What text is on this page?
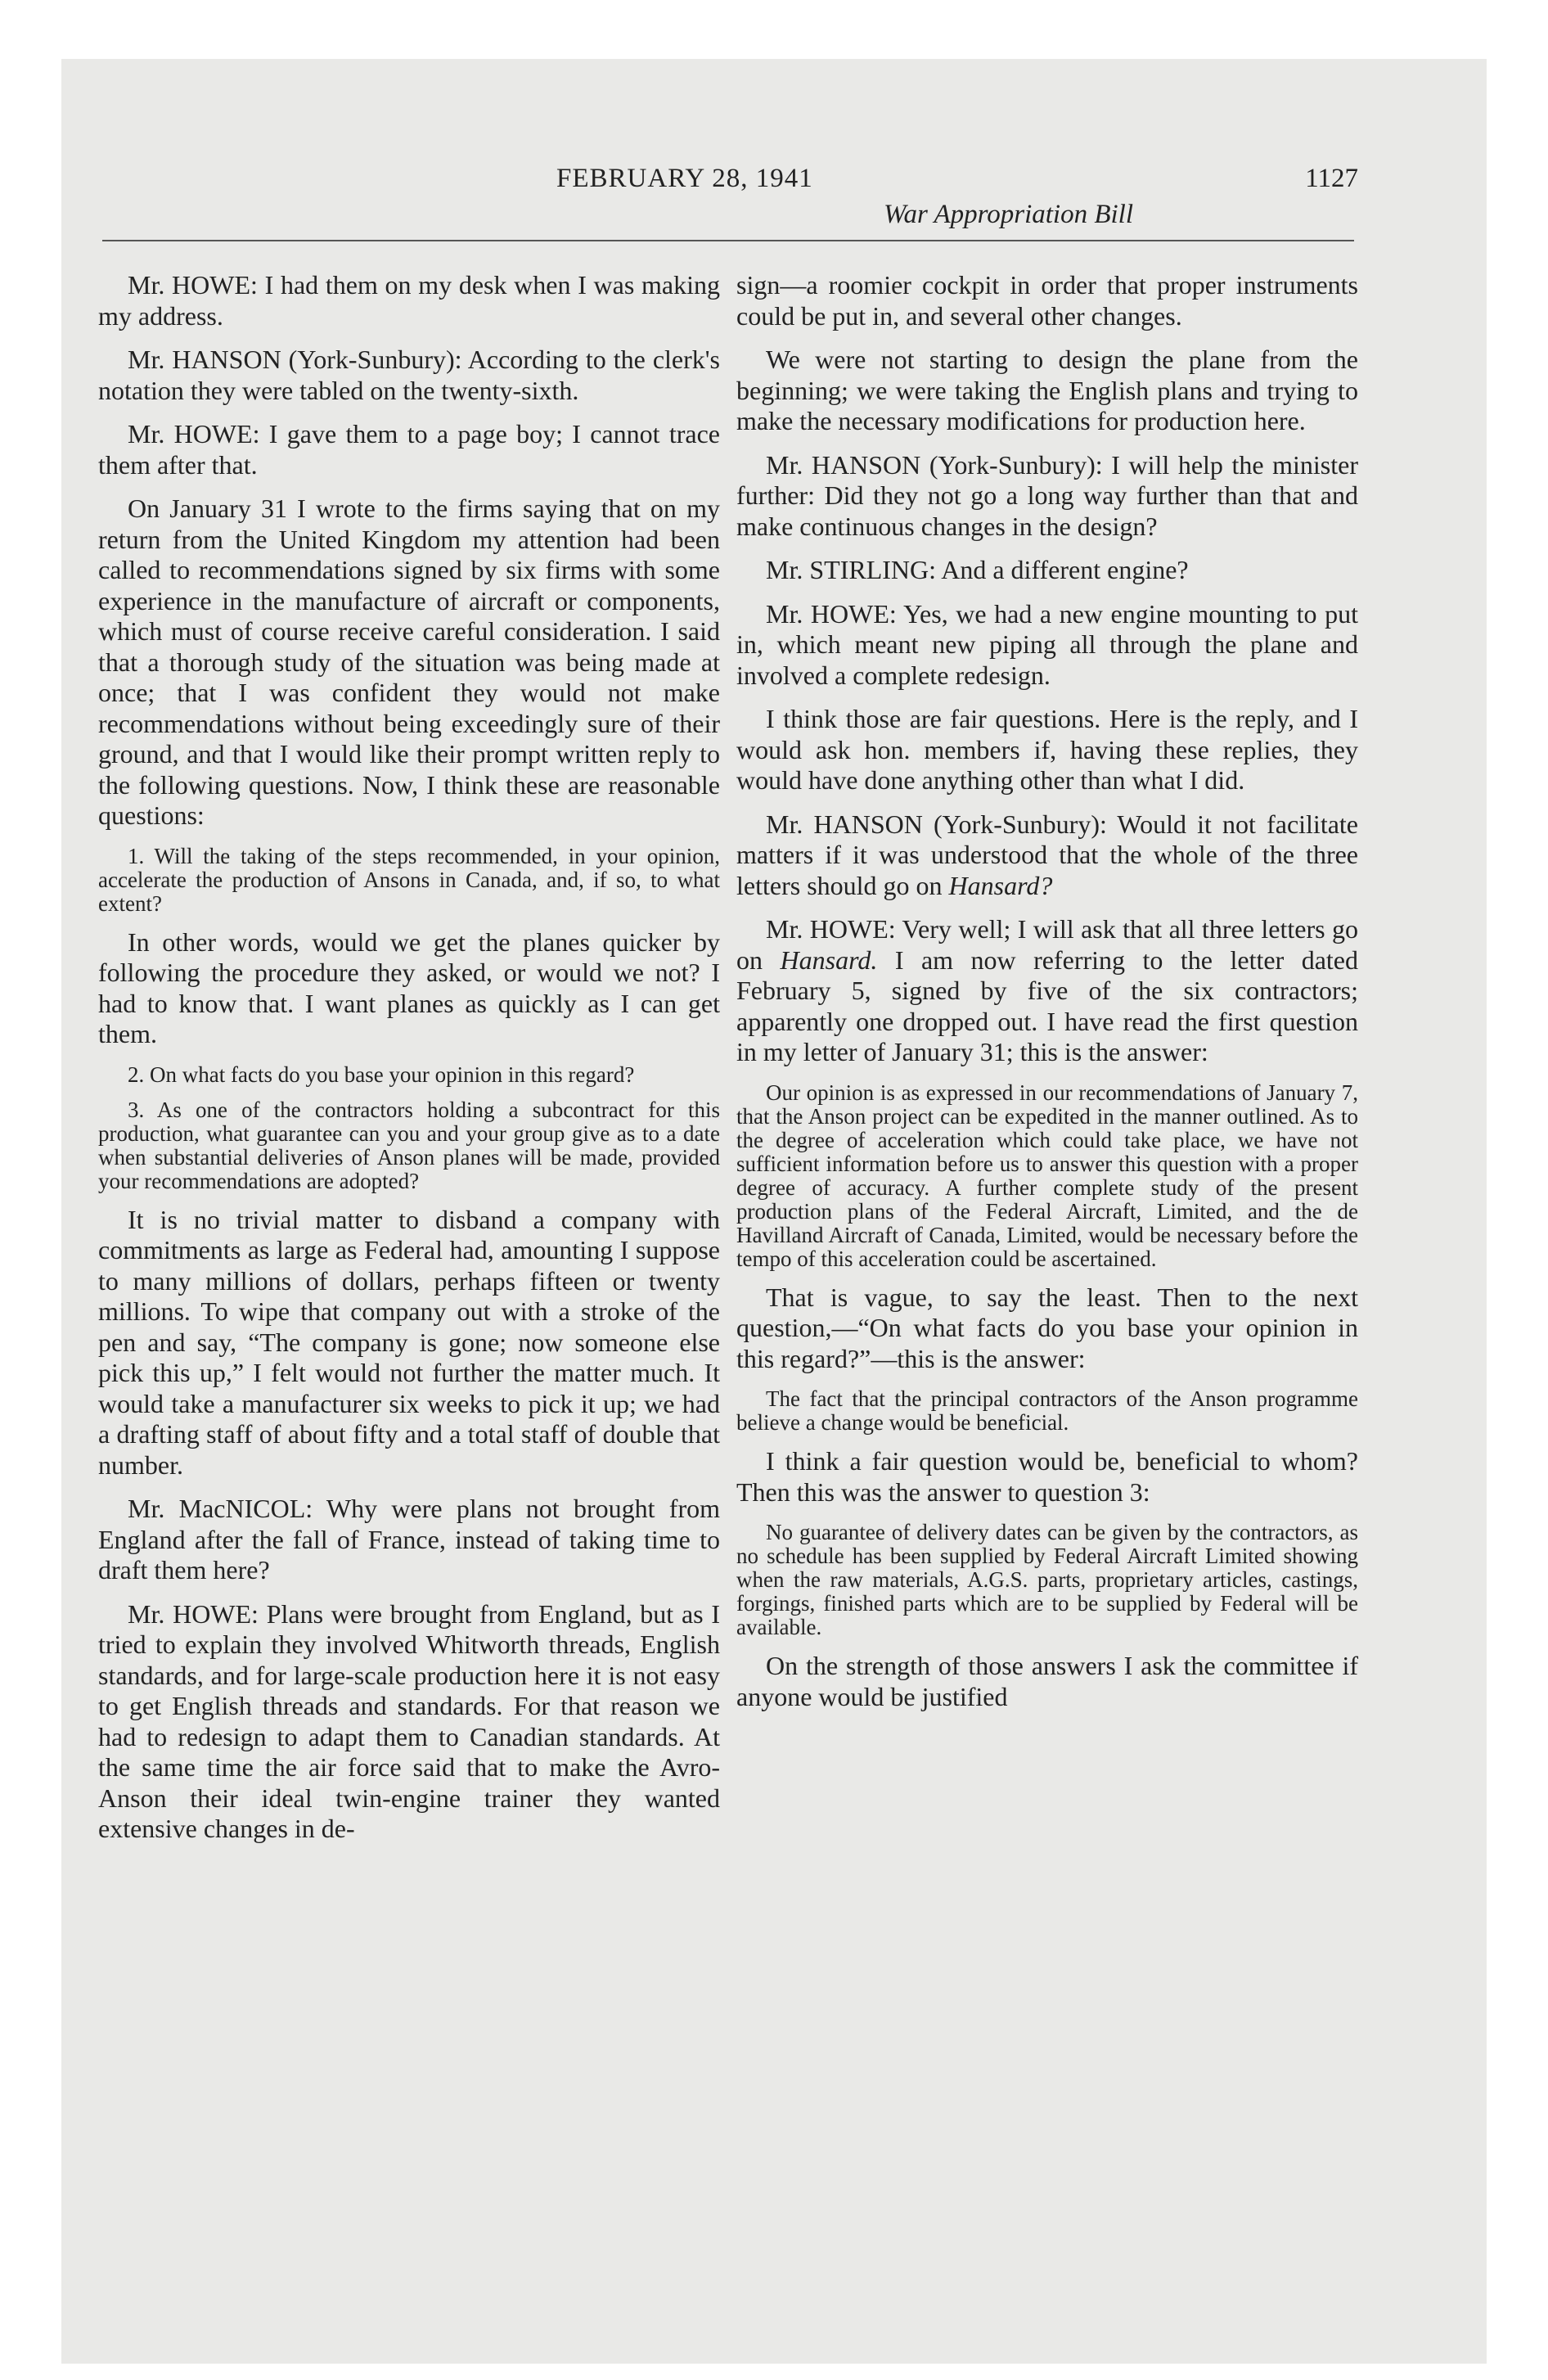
FEBRUARY 28, 1941	1127
War Appropriation Bill

Mr. HOWE: I had them on my desk when I was making my address.

Mr. HANSON (York-Sunbury): According to the clerk's notation they were tabled on the twenty-sixth.

Mr. HOWE: I gave them to a page boy; I cannot trace them after that.

On January 31 I wrote to the firms saying that on my return from the United Kingdom my attention had been called to recommendations signed by six firms with some experience in the manufacture of aircraft or components, which must of course receive careful consideration. I said that a thorough study of the situation was being made at once; that I was confident they would not make recommendations without being exceedingly sure of their ground, and that I would like their prompt written reply to the following questions. Now, I think these are reasonable questions:

1. Will the taking of the steps recommended, in your opinion, accelerate the production of Ansons in Canada, and, if so, to what extent?

In other words, would we get the planes quicker by following the procedure they asked, or would we not? I had to know that. I want planes as quickly as I can get them.

2. On what facts do you base your opinion in this regard?

3. As one of the contractors holding a subcontract for this production, what guarantee can you and your group give as to a date when substantial deliveries of Anson planes will be made, provided your recommendations are adopted?

It is no trivial matter to disband a company with commitments as large as Federal had, amounting I suppose to many millions of dollars, perhaps fifteen or twenty millions. To wipe that company out with a stroke of the pen and say, “The company is gone; now someone else pick this up,” I felt would not further the matter much. It would take a manufacturer six weeks to pick it up; we had a drafting staff of about fifty and a total staff of double that number.

Mr. MacNICOL: Why were plans not brought from England after the fall of France, instead of taking time to draft them here?

Mr. HOWE: Plans were brought from England, but as I tried to explain they involved Whitworth threads, English standards, and for large-scale production here it is not easy to get English threads and standards. For that reason we had to redesign to adapt them to Canadian standards. At the same time the air force said that to make the Avro-Anson their ideal twin-engine trainer they wanted extensive changes in de-

sign—a roomier cockpit in order that proper instruments could be put in, and several other changes.

We were not starting to design the plane from the beginning; we were taking the English plans and trying to make the necessary modifications for production here.

Mr. HANSON (York-Sunbury): I will help the minister further: Did they not go a long way further than that and make continuous changes in the design?

Mr. STIRLING: And a different engine?

Mr. HOWE: Yes, we had a new engine mounting to put in, which meant new piping all through the plane and involved a complete redesign.

I think those are fair questions. Here is the reply, and I would ask hon. members if, having these replies, they would have done anything other than what I did.

Mr. HANSON (York-Sunbury): Would it not facilitate matters if it was understood that the whole of the three letters should go on Hansard?

Mr. HOWE: Very well; I will ask that all three letters go on Hansard. I am now referring to the letter dated February 5, signed by five of the six contractors; apparently one dropped out. I have read the first question in my letter of January 31; this is the answer:

Our opinion is as expressed in our recommendations of January 7, that the Anson project can be expedited in the manner outlined. As to the degree of acceleration which could take place, we have not sufficient information before us to answer this question with a proper degree of accuracy. A further complete study of the present production plans of the Federal Aircraft, Limited, and the de Havilland Aircraft of Canada, Limited, would be necessary before the tempo of this acceleration could be ascertained.

That is vague, to say the least. Then to the next question,—“On what facts do you base your opinion in this regard?”—this is the answer:

The fact that the principal contractors of the Anson programme believe a change would be beneficial.

I think a fair question would be, beneficial to whom? Then this was the answer to question 3:

No guarantee of delivery dates can be given by the contractors, as no schedule has been supplied by Federal Aircraft Limited showing when the raw materials, A.G.S. parts, proprietary articles, castings, forgings, finished parts which are to be supplied by Federal will be available.

On the strength of those answers I ask the committee if anyone would be justified
